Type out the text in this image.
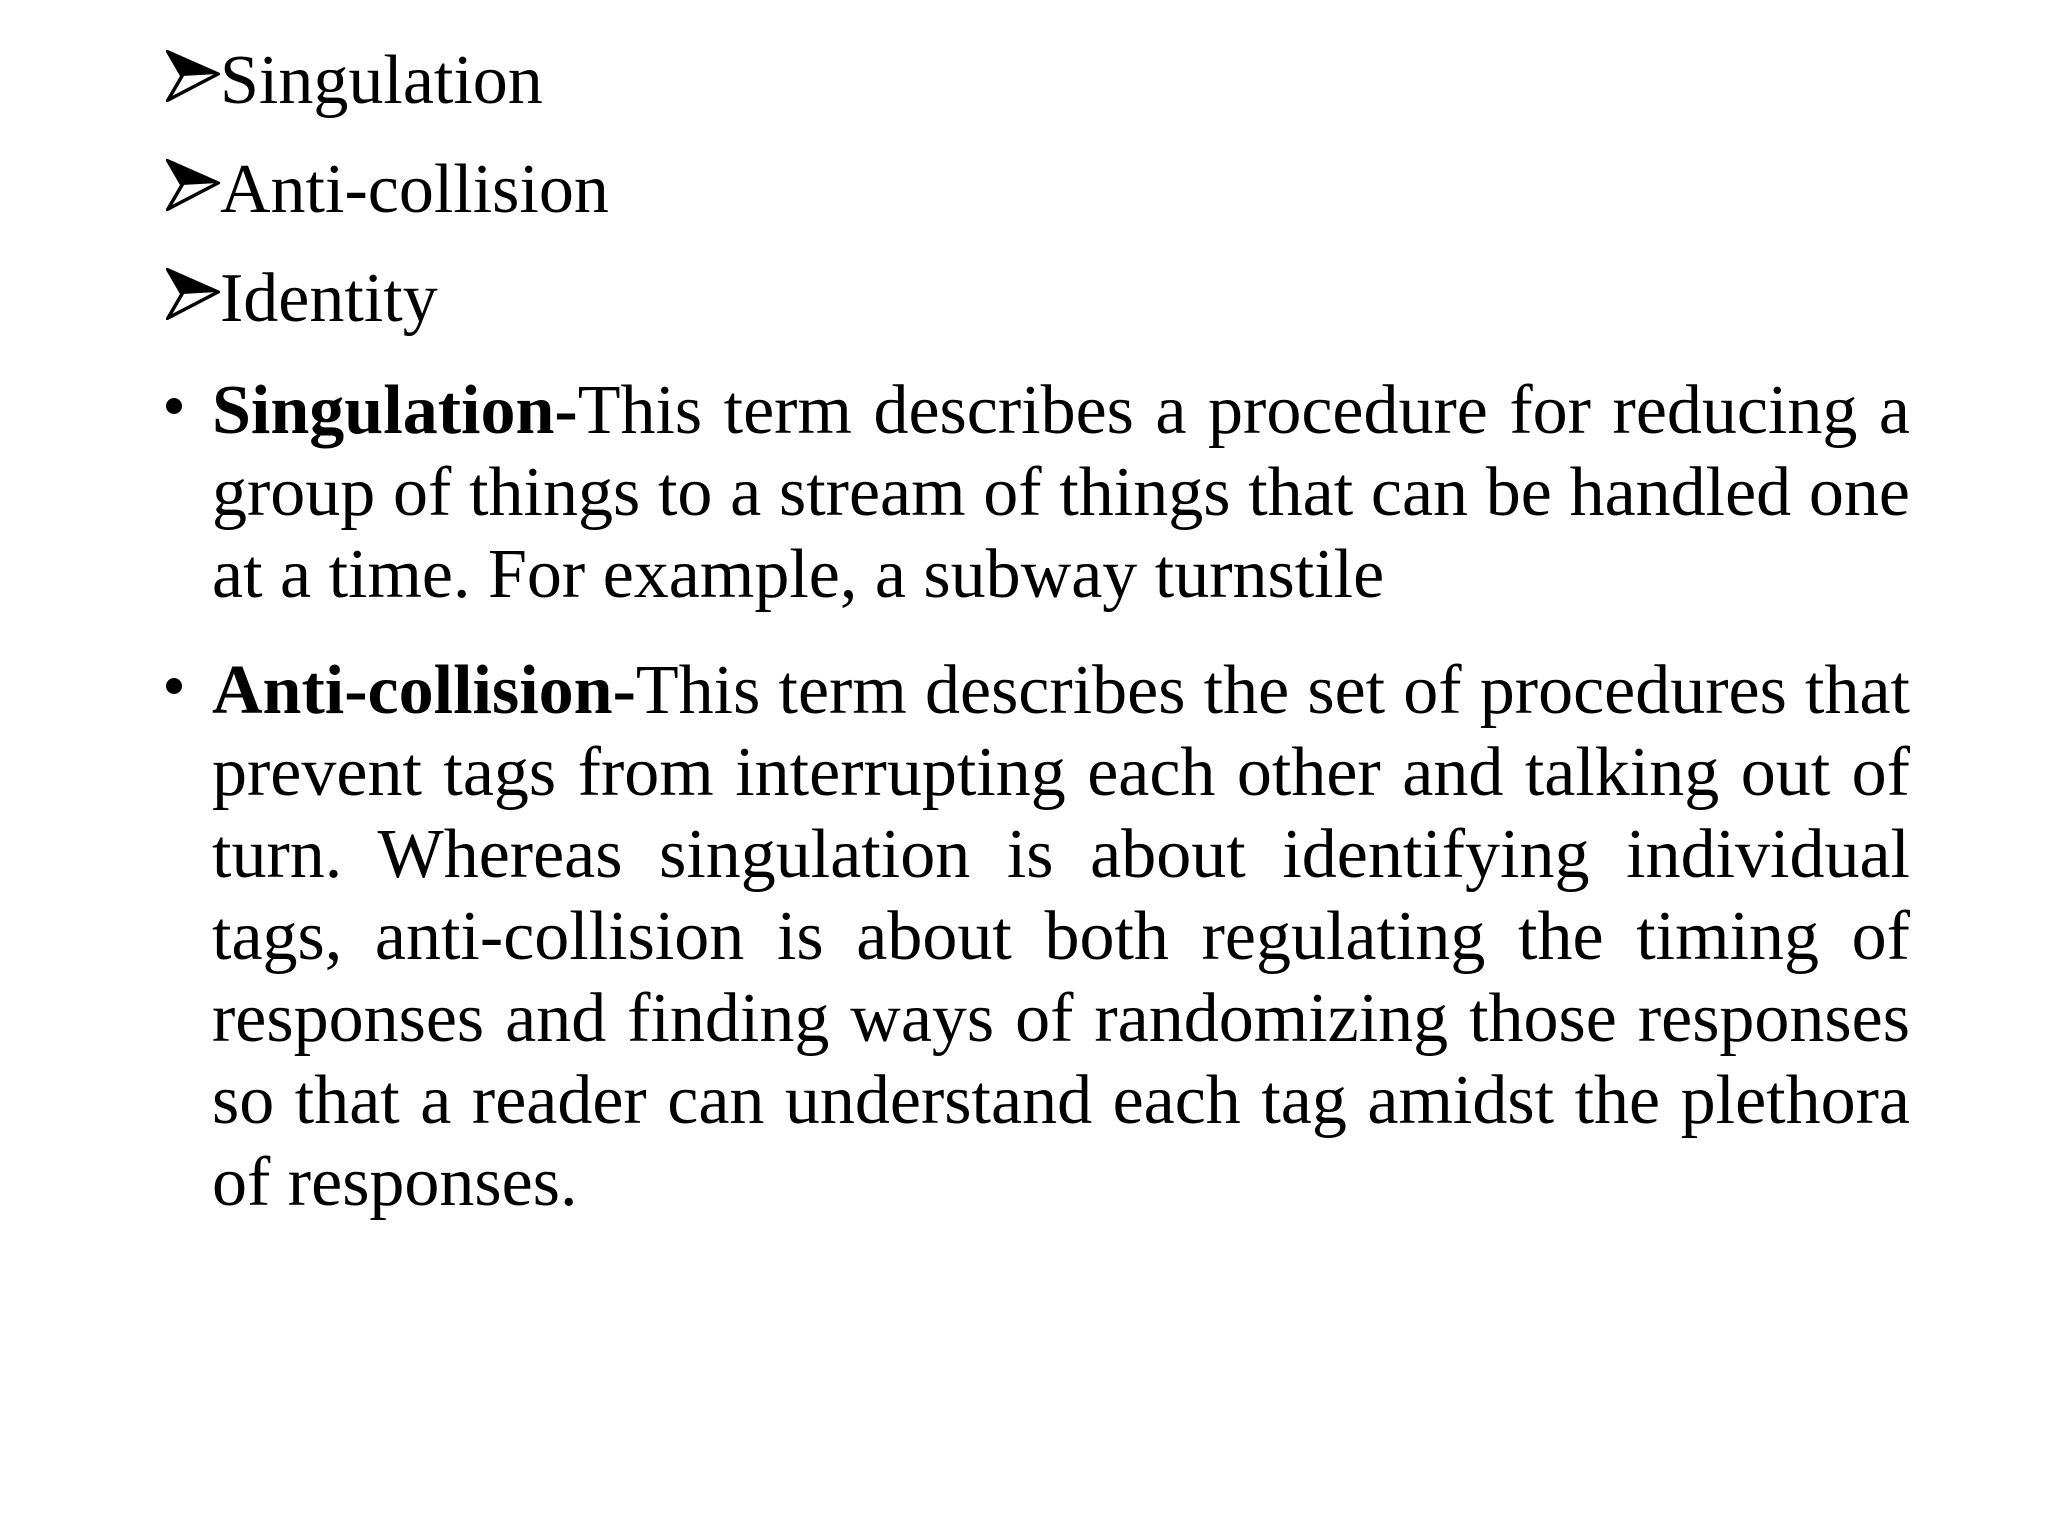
Singulation
Anti-collision
Identity
Singulation-This term describes a procedure for reducing a group of things to a stream of things that can be handled one at a time. For example, a subway turnstile
Anti-collision-This term describes the set of procedures that prevent tags from interrupting each other and talking out of turn. Whereas singulation is about identifying individual tags, anti-collision is about both regulating the timing of responses and finding ways of randomizing those responses so that a reader can understand each tag amidst the plethora of responses.
